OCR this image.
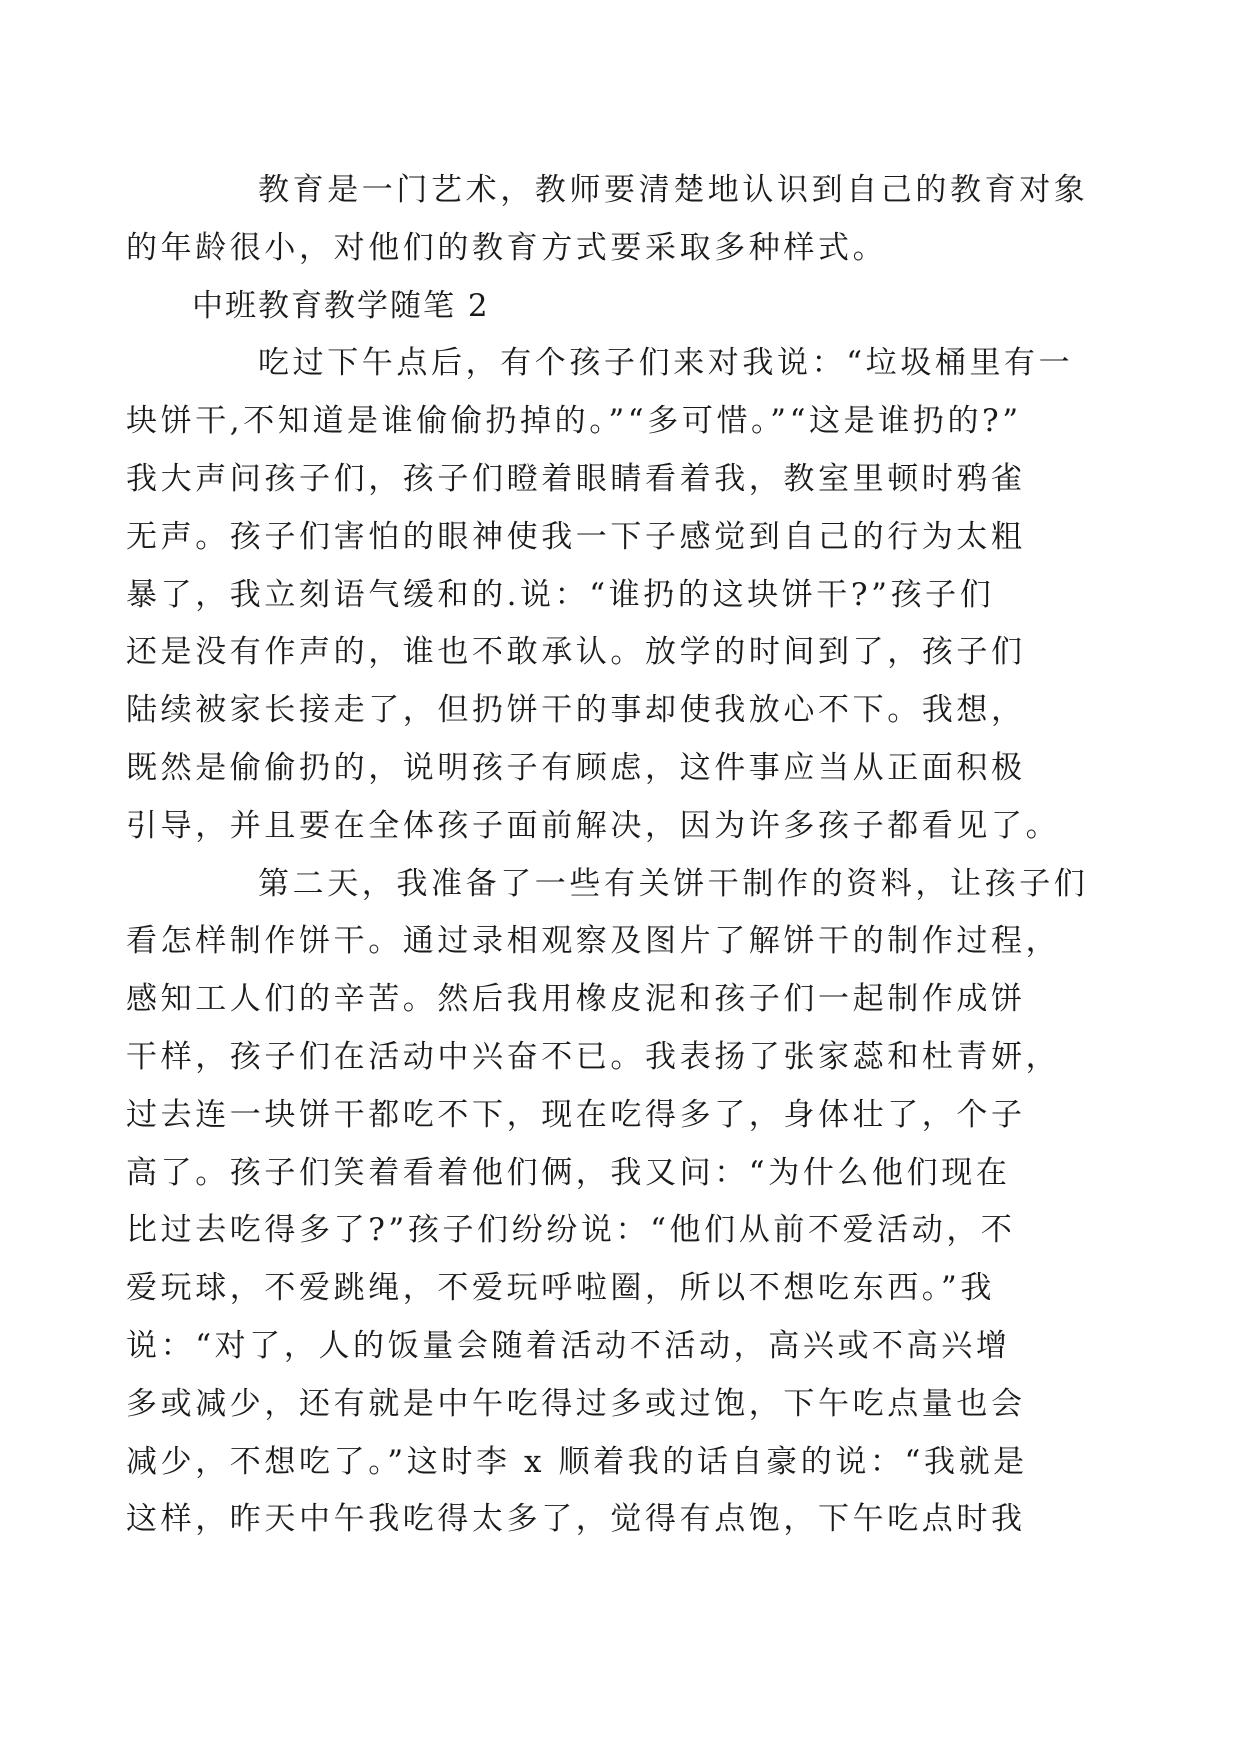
教育是一门艺术，教师要清楚地认识到自己的教育对象
的年龄很小，对他们的教育方式要采取多种样式。

中班教育教学随笔 2

吃过下午点后，有个孩子们来对我说：“垃圾桶里有一
块饼干,不知道是谁偷偷扔掉的。”“多可惜。”“这是谁扔的?”
我大声问孩子们，孩子们瞪着眼睛看着我，教室里顿时鸦雀
无声。孩子们害怕的眼神使我一下子感觉到自己的行为太粗
暴了，我立刻语气缓和的.说：“谁扔的这块饼干?”孩子们
还是没有作声的，谁也不敢承认。放学的时间到了，孩子们
陆续被家长接走了，但扔饼干的事却使我放心不下。我想，
既然是偷偷扔的，说明孩子有顾虑，这件事应当从正面积极
引导，并且要在全体孩子面前解决，因为许多孩子都看见了。

第二天，我准备了一些有关饼干制作的资料，让孩子们
看怎样制作饼干。通过录相观察及图片了解饼干的制作过程，
感知工人们的辛苦。然后我用橡皮泥和孩子们一起制作成饼
干样，孩子们在活动中兴奋不已。我表扬了张家蕊和杜青妍，
过去连一块饼干都吃不下，现在吃得多了，身体壮了，个子
高了。孩子们笑着看着他们俩，我又问：“为什么他们现在
比过去吃得多了?”孩子们纷纷说：“他们从前不爱活动，不
爱玩球，不爱跳绳，不爱玩呼啦圈，所以不想吃东西。”我
说：“对了，人的饭量会随着活动不活动，高兴或不高兴增
多或减少，还有就是中午吃得过多或过饱，下午吃点量也会
减少，不想吃了。”这时李 x 顺着我的话自豪的说：“我就是
这样，昨天中午我吃得太多了，觉得有点饱，下午吃点时我
